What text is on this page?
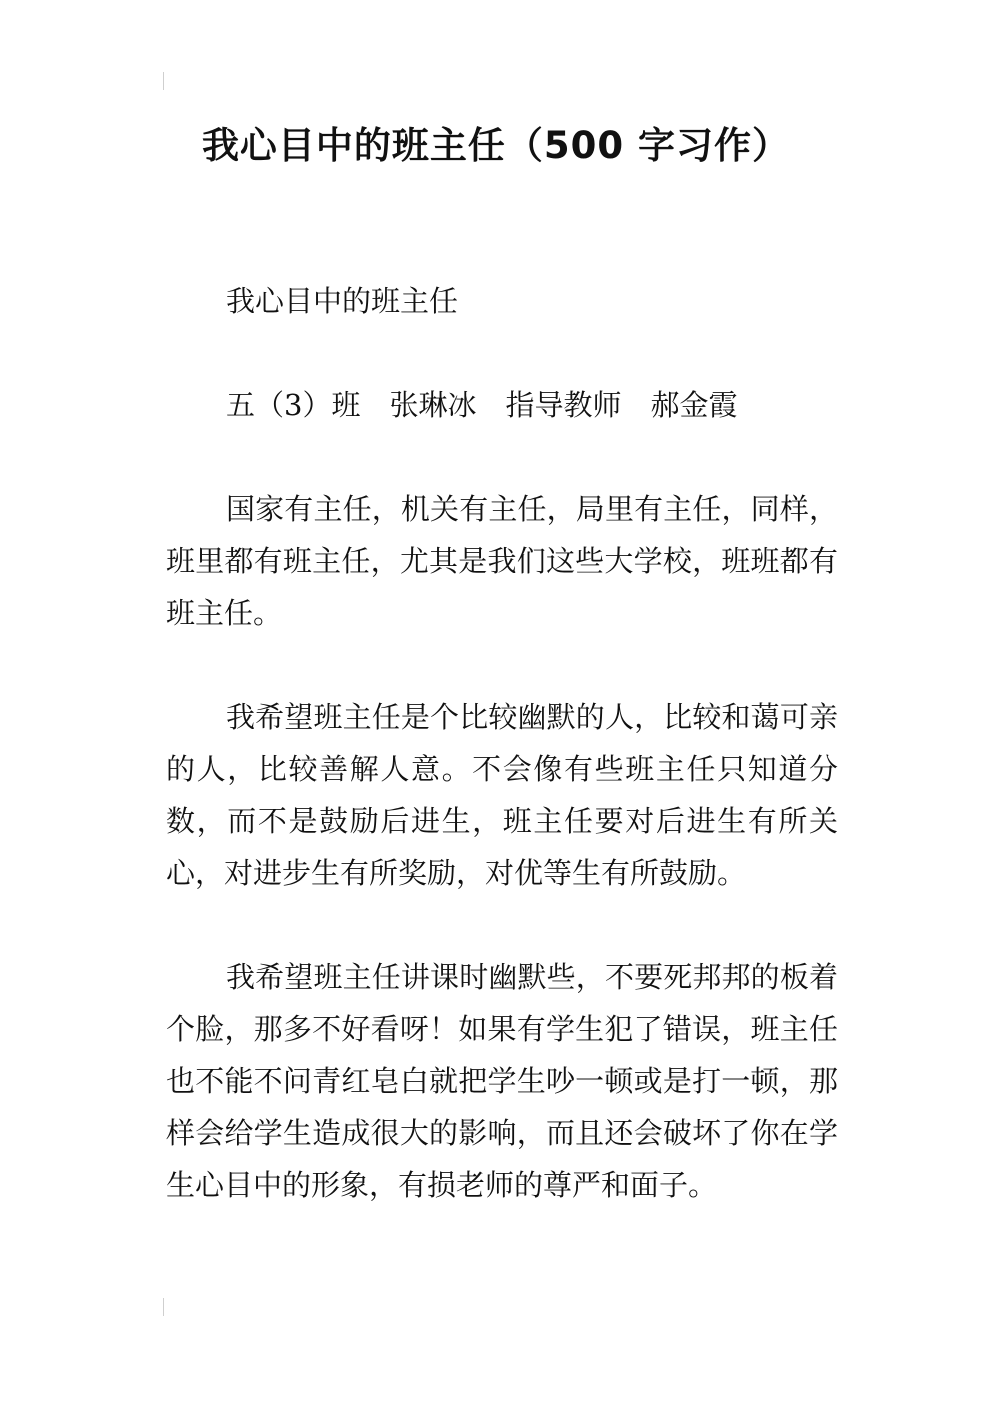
我心目中的班主任（500 字习作）

我心目中的班主任

五（3）班　张琳冰　指导教师　郝金霞

国家有主任，机关有主任，局里有主任，同样，班里都有班主任，尤其是我们这些大学校，班班都有班主任。

我希望班主任是个比较幽默的人，比较和蔼可亲的人，比较善解人意。不会像有些班主任只知道分数，而不是鼓励后进生，班主任要对后进生有所关心，对进步生有所奖励，对优等生有所鼓励。

我希望班主任讲课时幽默些，不要死邦邦的板着个脸，那多不好看呀！如果有学生犯了错误，班主任也不能不问青红皂白就把学生吵一顿或是打一顿，那样会给学生造成很大的影响，而且还会破坏了你在学生心目中的形象，有损老师的尊严和面子。
